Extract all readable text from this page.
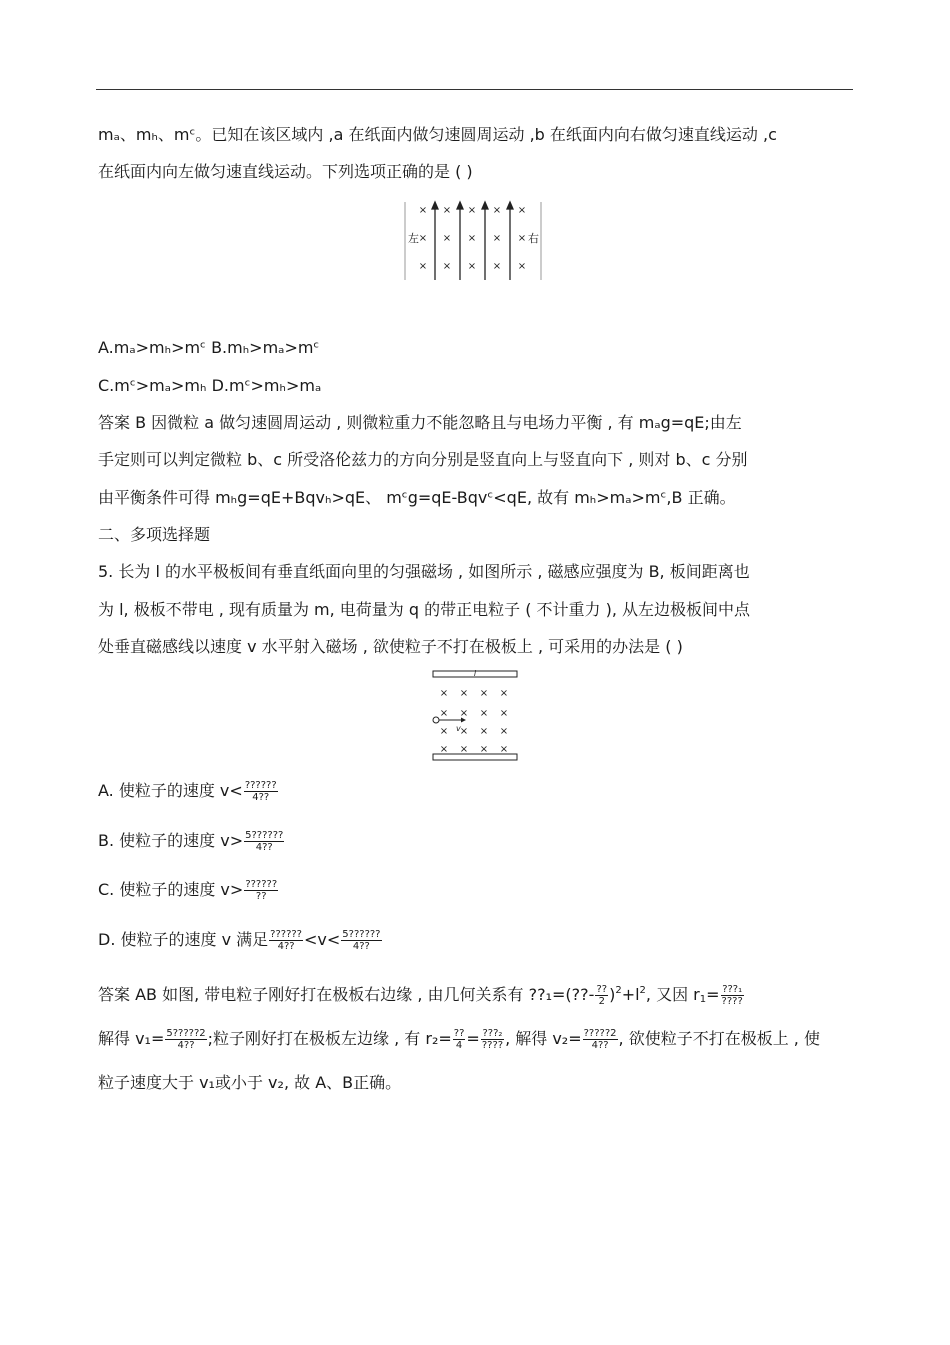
mₐ、mₕ、mᶜ。已知在该区域内 ,a 在纸面内做匀速圆周运动 ,b 在纸面内向右做匀速直线运动 ,c
在纸面内向左做匀速直线运动。下列选项正确的是 ( )
× × × × ×
× × × × ×
× × × × ×
左	右
A.mₐ>mₕ>mᶜ B.mₕ>mₐ>mᶜ
C.mᶜ>mₐ>mₕ D.mᶜ>mₕ>mₐ
答案 B 因微粒 a 做匀速圆周运动 , 则微粒重力不能忽略且与电场力平衡 , 有 mₐg=qE;由左
手定则可以判定微粒 b、c 所受洛伦兹力的方向分别是竖直向上与竖直向下 , 则对 b、c 分别
由平衡条件可得 mₕg=qE+Bqvₕ>qE、 mᶜg=qE-Bqvᶜ<qE, 故有 mₕ>mₐ>mᶜ,B 正确。
二、多项选择题
5. 长为 l 的水平极板间有垂直纸面向里的匀强磁场 , 如图所示 , 磁感应强度为 B, 板间距离也
为 l, 极板不带电 , 现有质量为 m, 电荷量为 q 的带正电粒子 ( 不计重力 ), 从左边极板间中点
处垂直磁感线以速度 v 水平射入磁场 , 欲使粒子不打在极板上 , 可采用的办法是 ( )
l
× × × ×
× × × ×
× × × ×
× × × ×
v
A. 使粒子的速度 $v< \frac{??????}{4??}$
B. 使粒子的速度 $v> \frac{5??????}{4??}$
C. 使粒子的速度 $v> \frac{??????}{??}$
D. 使粒子的速度 v 满足 $\frac{??????}{4??} <v< \frac{5??????}{4??}$
答案 AB 如图, 带电粒子刚好打在极板右边缘 , 由几何关系有 ??₁=(??- $\frac{??}{2} )^2+l^2$, 又因 $r_1= \frac{\text{???₁}}{????}$
解得 $v_1= \frac{5?????2}{4??}$ ;粒子刚好打在极板左边缘 , 有 $r_2= \frac{??}{4} = \frac{\text{???₂}}{????}$ , 解得 $v_2= \frac{?????2}{4??}$ , 欲使粒子不打在极板上 , 使
粒子速度大于 v₁或小于 v₂, 故 A、B正确。
